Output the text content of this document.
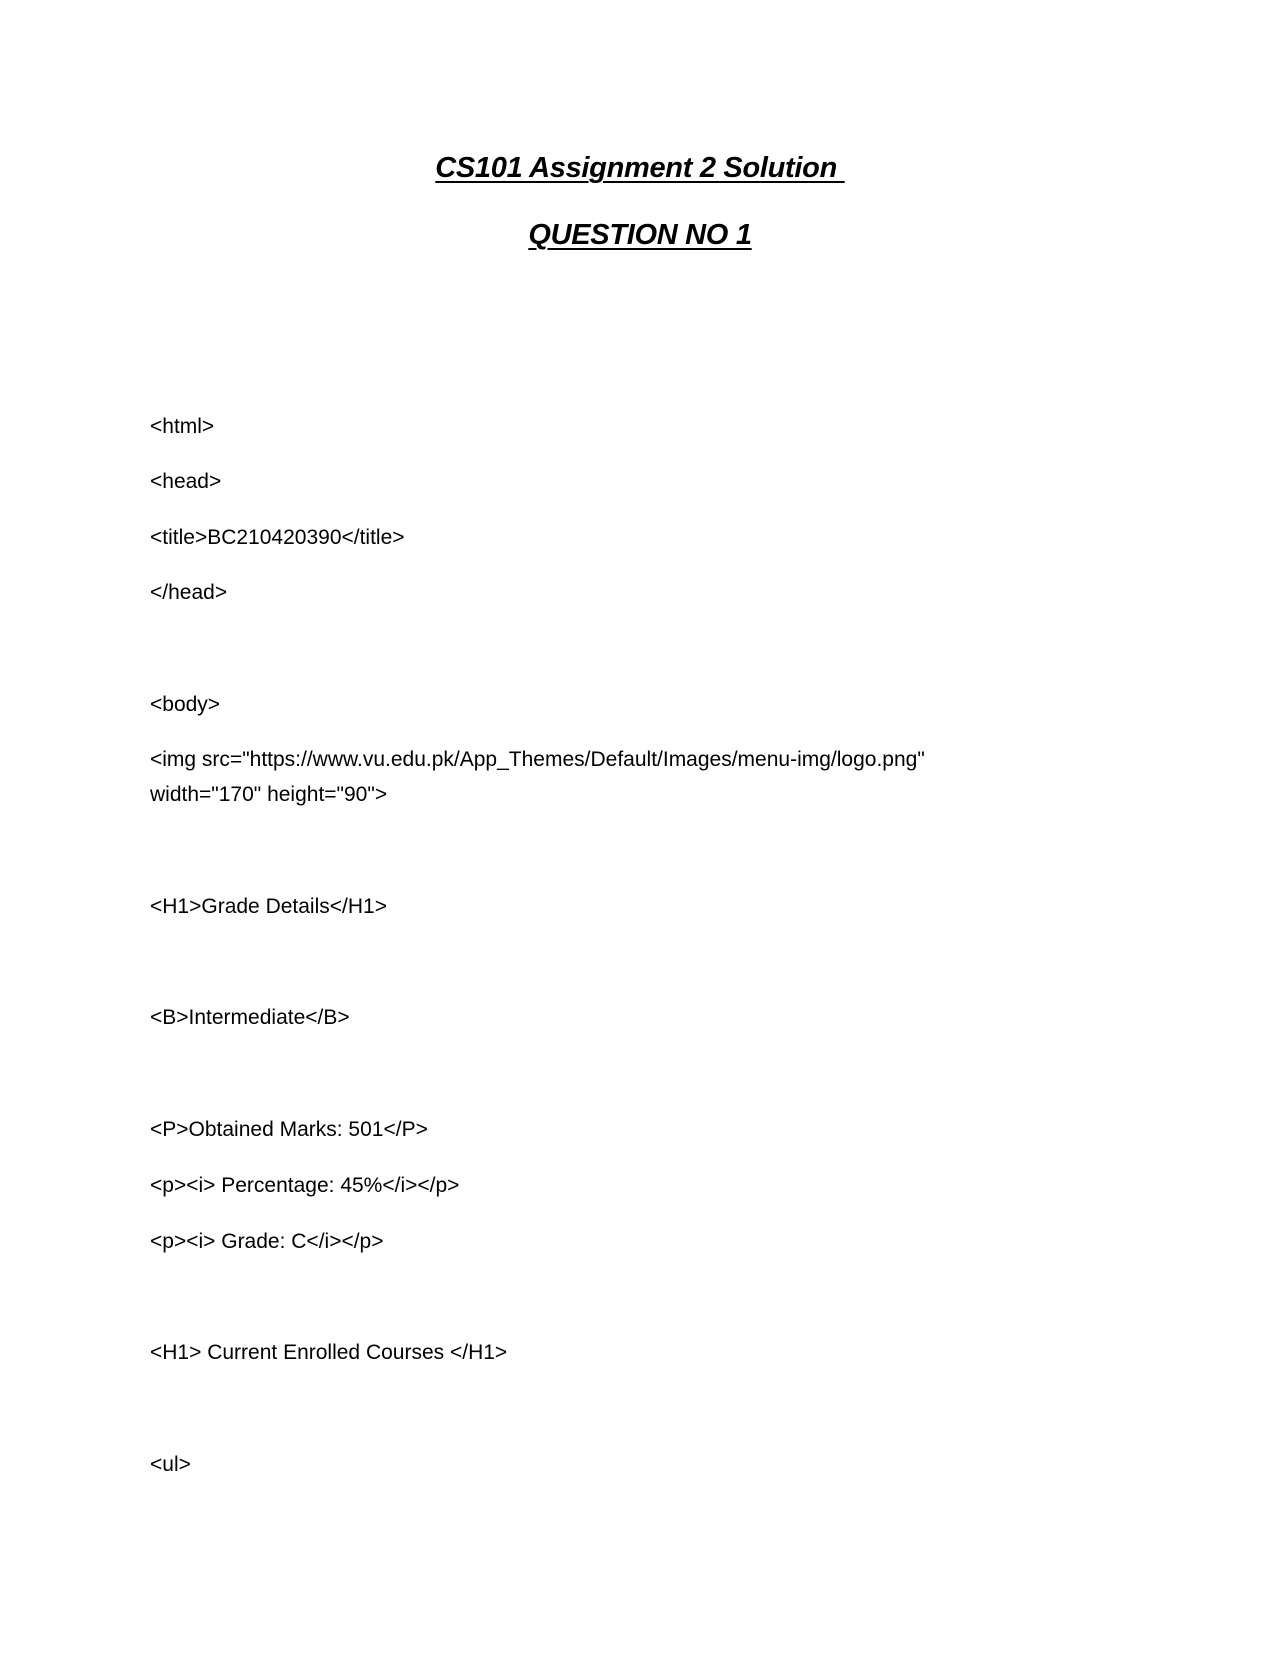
CS101 Assignment 2 Solution
QUESTION NO 1

<html>

<head>

<title>BC210420390</title>

</head>

<body>

<img src="https://www.vu.edu.pk/App_Themes/Default/Images/menu-img/logo.png"

width="170" height="90">

<H1>Grade Details</H1>

<B>Intermediate</B>

<P>Obtained Marks: 501</P>

<p><i> Percentage: 45%</i></p>

<p><i> Grade: C</i></p>

<H1> Current Enrolled Courses </H1>

<ul>
